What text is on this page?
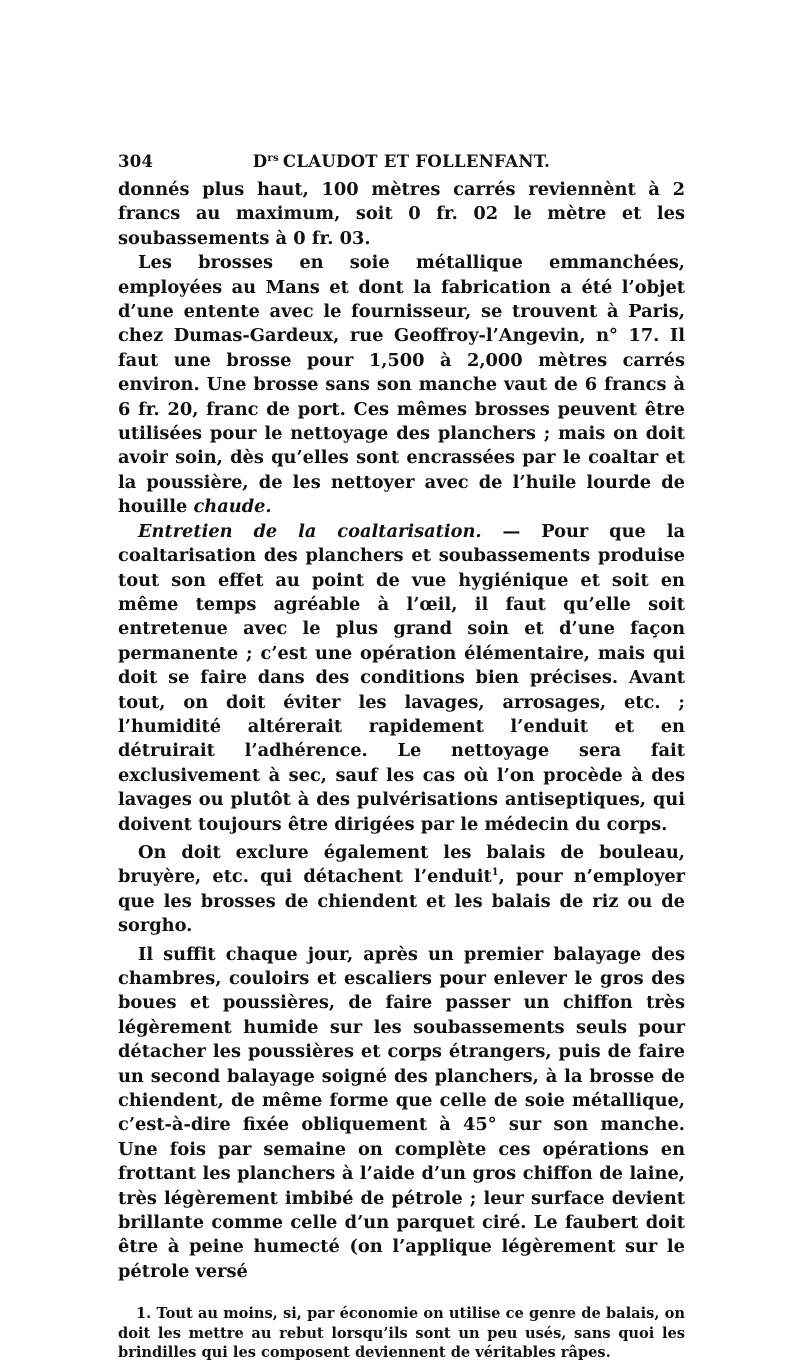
304	$D^{rs}$ CLAUDOT ET FOLLENFANT.

donnés plus haut, 100 mètres carrés reviennènt à 2 francs au maximum, soit 0 fr. 02 le mètre et les soubassements à 0 fr. 03.

Les brosses en soie métallique emmanchées, employées au Mans et dont la fabrication a été l’objet d’une entente avec le fournisseur, se trouvent à Paris, chez Dumas-Gardeux, rue Geoffroy-l’Angevin, n° 17. Il faut une brosse pour 1,500 à 2,000 mètres carrés environ. Une brosse sans son manche vaut de 6 francs à 6 fr. 20, franc de port. Ces mêmes brosses peuvent être utilisées pour le nettoyage des planchers ; mais on doit avoir soin, dès qu’elles sont encrassées par le coaltar et la poussière, de les nettoyer avec de l’huile lourde de houille chaude.

Entretien de la coaltarisation. — Pour que la coaltarisation des planchers et soubassements produise tout son effet au point de vue hygiénique et soit en même temps agréable à l’œil, il faut qu’elle soit entretenue avec le plus grand soin et d’une façon permanente ; c’est une opération élémentaire, mais qui doit se faire dans des conditions bien précises. Avant tout, on doit éviter les lavages, arrosages, etc. ; l’humidité altérerait rapidement l’enduit et en détruirait l’adhérence. Le nettoyage sera fait exclusivement à sec, sauf les cas où l’on procède à des lavages ou plutôt à des pulvérisations antiseptiques, qui doivent toujours être dirigées par le médecin du corps.

On doit exclure également les balais de bouleau, bruyère, etc. qui détachent l’enduit$^1$, pour n’employer que les brosses de chiendent et les balais de riz ou de sorgho.

Il suffit chaque jour, après un premier balayage des chambres, couloirs et escaliers pour enlever le gros des boues et poussières, de faire passer un chiffon très légèrement humide sur les soubassements seuls pour détacher les poussières et corps étrangers, puis de faire un second balayage soigné des planchers, à la brosse de chiendent, de même forme que celle de soie métallique, c’est-à-dire fixée obliquement à 45° sur son manche. Une fois par semaine on complète ces opérations en frottant les planchers à l’aide d’un gros chiffon de laine, très légèrement imbibé de pétrole ; leur surface devient brillante comme celle d’un parquet ciré. Le faubert doit être à peine humecté (on l’applique légèrement sur le pétrole versé

1. Tout au moins, si, par économie on utilise ce genre de balais, on doit les mettre au rebut lorsqu’ils sont un peu usés, sans quoi les brindilles qui les composent deviennent de véritables râpes.
